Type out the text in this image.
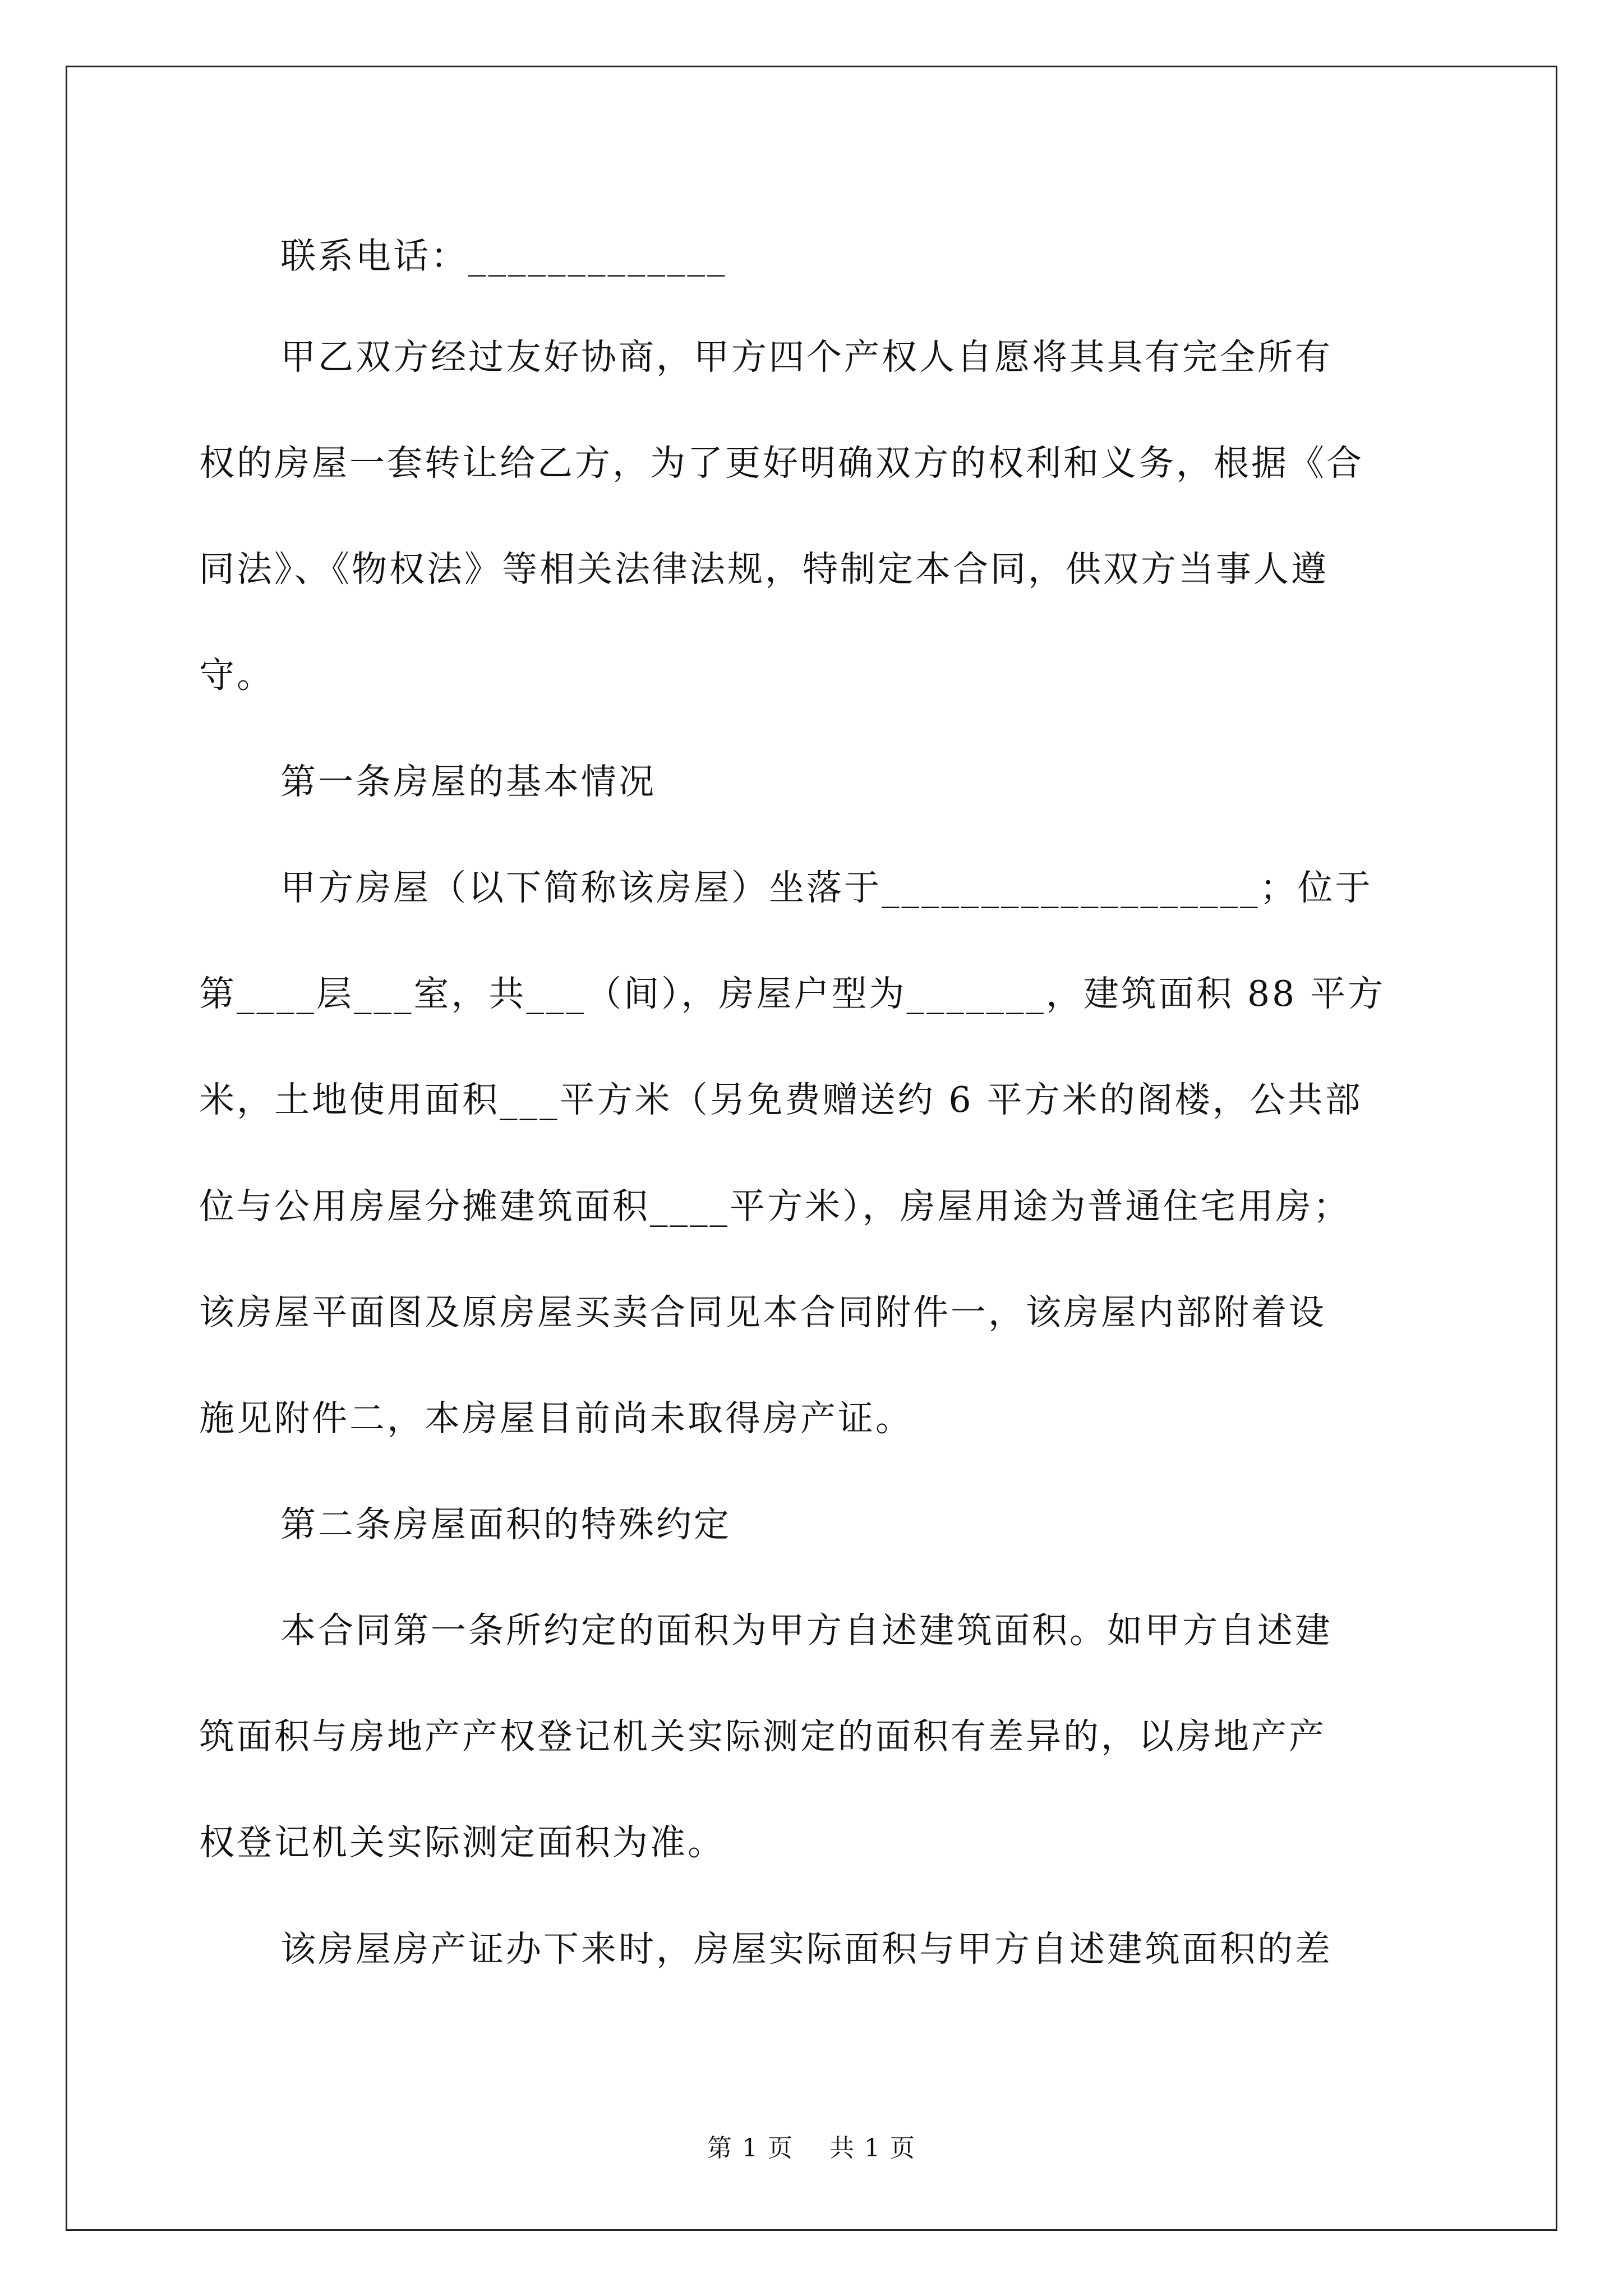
联系电话：_____________
甲乙双方经过友好协商，甲方四个产权人自愿将其具有完全所有
权的房屋一套转让给乙方，为了更好明确双方的权利和义务，根据《合
同法》、《物权法》等相关法律法规，特制定本合同，供双方当事人遵
守。
第一条房屋的基本情况
甲方房屋（以下简称该房屋）坐落于___________________；位于
第____层___室，共___（间），房屋户型为_______，建筑面积 88 平方
米，土地使用面积___平方米（另免费赠送约 6 平方米的阁楼，公共部
位与公用房屋分摊建筑面积____平方米），房屋用途为普通住宅用房；
该房屋平面图及原房屋买卖合同见本合同附件一，该房屋内部附着设
施见附件二，本房屋目前尚未取得房产证。
第二条房屋面积的特殊约定
本合同第一条所约定的面积为甲方自述建筑面积。如甲方自述建
筑面积与房地产产权登记机关实际测定的面积有差异的，以房地产产
权登记机关实际测定面积为准。
该房屋房产证办下来时，房屋实际面积与甲方自述建筑面积的差
第 1 页    共 1 页
